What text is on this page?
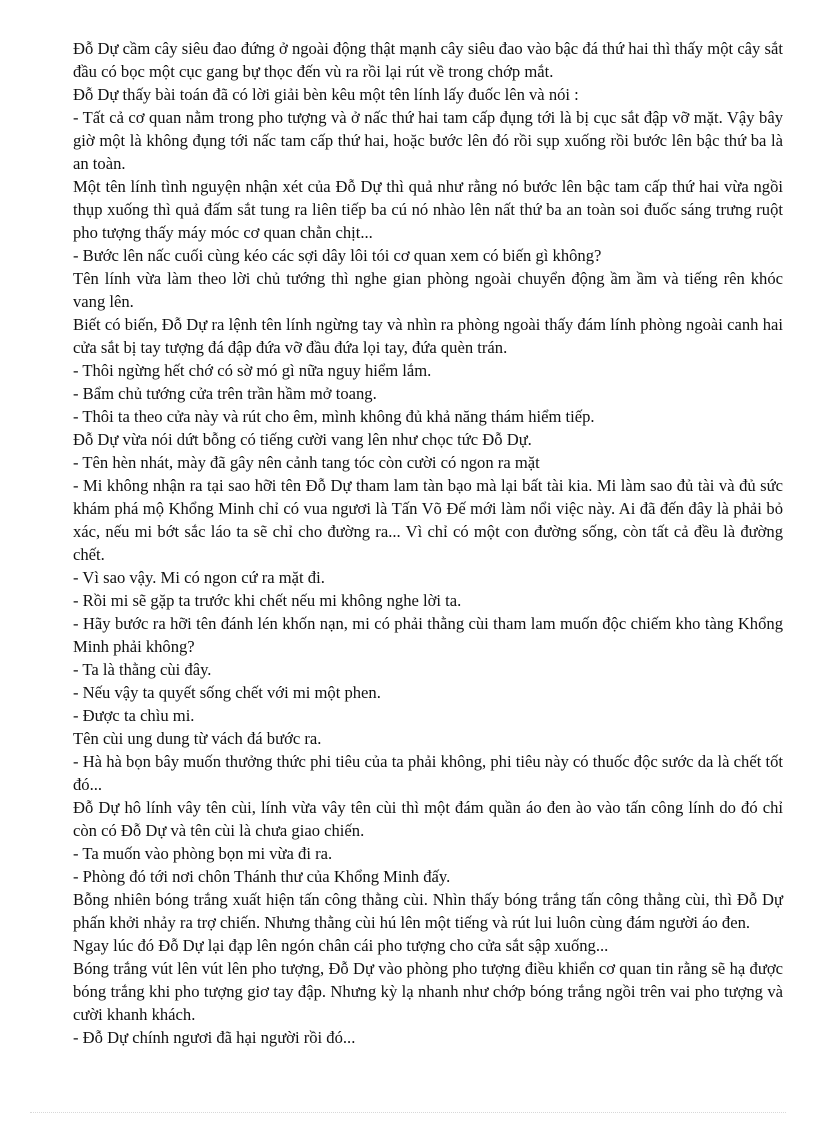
Đỗ Dự cầm cây siêu đao đứng ở ngoài động thật mạnh cây siêu đao vào bậc đá thứ hai thì thấy một cây sắt đầu có bọc một cục gang bự thọc đến vù ra rồi lại rút về trong chớp mắt.

Đỗ Dự thấy bài toán đã có lời giải bèn kêu một tên lính lấy đuốc lên và nói :

- Tất cả cơ quan nằm trong pho tượng và ở nấc thứ hai tam cấp đụng tới là bị cục sắt đập vỡ mặt. Vậy bây giờ một là không đụng tới nấc tam cấp thứ hai, hoặc bước lên đó rồi sụp xuống rồi bước lên bậc thứ ba là an toàn.

Một tên lính tình nguyện nhận xét của Đỗ Dự thì quả như rằng nó bước lên bậc tam cấp thứ hai vừa ngồi thụp xuống thì quả đấm sắt tung ra liên tiếp ba cú nó nhào lên nất thứ ba an toàn soi đuốc sáng trưng ruột pho tượng thấy máy móc cơ quan chằn chịt...

- Bước lên nấc cuối cùng kéo các sợi dây lôi tói cơ quan xem có biến gì không?

Tên lính vừa làm theo lời chủ tướng thì nghe gian phòng ngoài chuyển động ầm ầm và tiếng rên khóc vang lên.

Biết có biến, Đỗ Dự ra lệnh tên lính ngừng tay và nhìn ra phòng ngoài thấy đám lính phòng ngoài canh hai cửa sắt bị tay tượng đá đập đứa vỡ đầu đứa lọi tay, đứa quèn trán.

- Thôi ngừng hết chớ có sờ mó gì nữa nguy hiểm lắm.

- Bẩm chủ tướng cửa trên trần hầm mở toang.

- Thôi ta theo cửa này và rút cho êm, mình không đủ khả năng thám hiểm tiếp.

Đỗ Dự vừa nói dứt bỗng có tiếng cười vang lên như chọc tức Đỗ Dự.

- Tên hèn nhát, mày đã gây nên cảnh tang tóc còn cười có ngon ra mặt

- Mi không nhận ra tại sao hỡi tên Đỗ Dự tham lam tàn bạo mà lại bất tài kia. Mi làm sao đủ tài và đủ sức khám phá mộ Khổng Minh chỉ có vua ngươi là Tấn Võ Đế mới làm nổi việc này. Ai đã đến đây là phải bỏ xác, nếu mi bớt sắc láo ta sẽ chỉ cho đường ra... Vì chỉ có một con đường sống, còn tất cả đều là đường chết.

- Vì sao vậy. Mi có ngon cứ ra mặt đi.

- Rồi mi sẽ gặp ta trước khi chết nếu mi không nghe lời ta.

- Hãy bước ra hỡi tên đánh lén khốn nạn, mi có phải thằng cùi tham lam muốn độc chiếm kho tàng Khổng Minh phải không?

- Ta là thằng cùi đây.

- Nếu vậy ta quyết sống chết với mi một phen.

- Được ta chìu mi.

Tên cùi ung dung từ vách đá bước ra.

- Hà hà bọn bây muốn thưởng thức phi tiêu của ta phải không, phi tiêu này có thuốc độc sước da là chết tốt đó...

Đỗ Dự hô lính vây tên cùi, lính vừa vây tên cùi thì một đám quần áo đen ào vào tấn công lính do đó chỉ còn có Đỗ Dự và tên cùi là chưa giao chiến.

- Ta muốn vào phòng bọn mi vừa đi ra.

- Phòng đó tới nơi chôn Thánh thư của Khổng Minh đấy.

Bỗng nhiên bóng trắng xuất hiện tấn công thằng cùi. Nhìn thấy bóng trắng tấn công thằng cùi, thì Đỗ Dự phấn khởi nhảy ra trợ chiến. Nhưng thằng cùi hú lên một tiếng và rút lui luôn cùng đám người áo đen.

Ngay lúc đó Đỗ Dự lại đạp lên ngón chân cái pho tượng cho cửa sắt sập xuống...

Bóng trắng vút lên vút lên pho tượng, Đỗ Dự vào phòng pho tượng điều khiển cơ quan tin rằng sẽ hạ được bóng trắng khi pho tượng giơ tay đập. Nhưng kỳ lạ nhanh như chớp bóng trắng ngồi trên vai pho tượng và cười khanh khách.

- Đỗ Dự chính ngươi đã hại người rồi đó...
